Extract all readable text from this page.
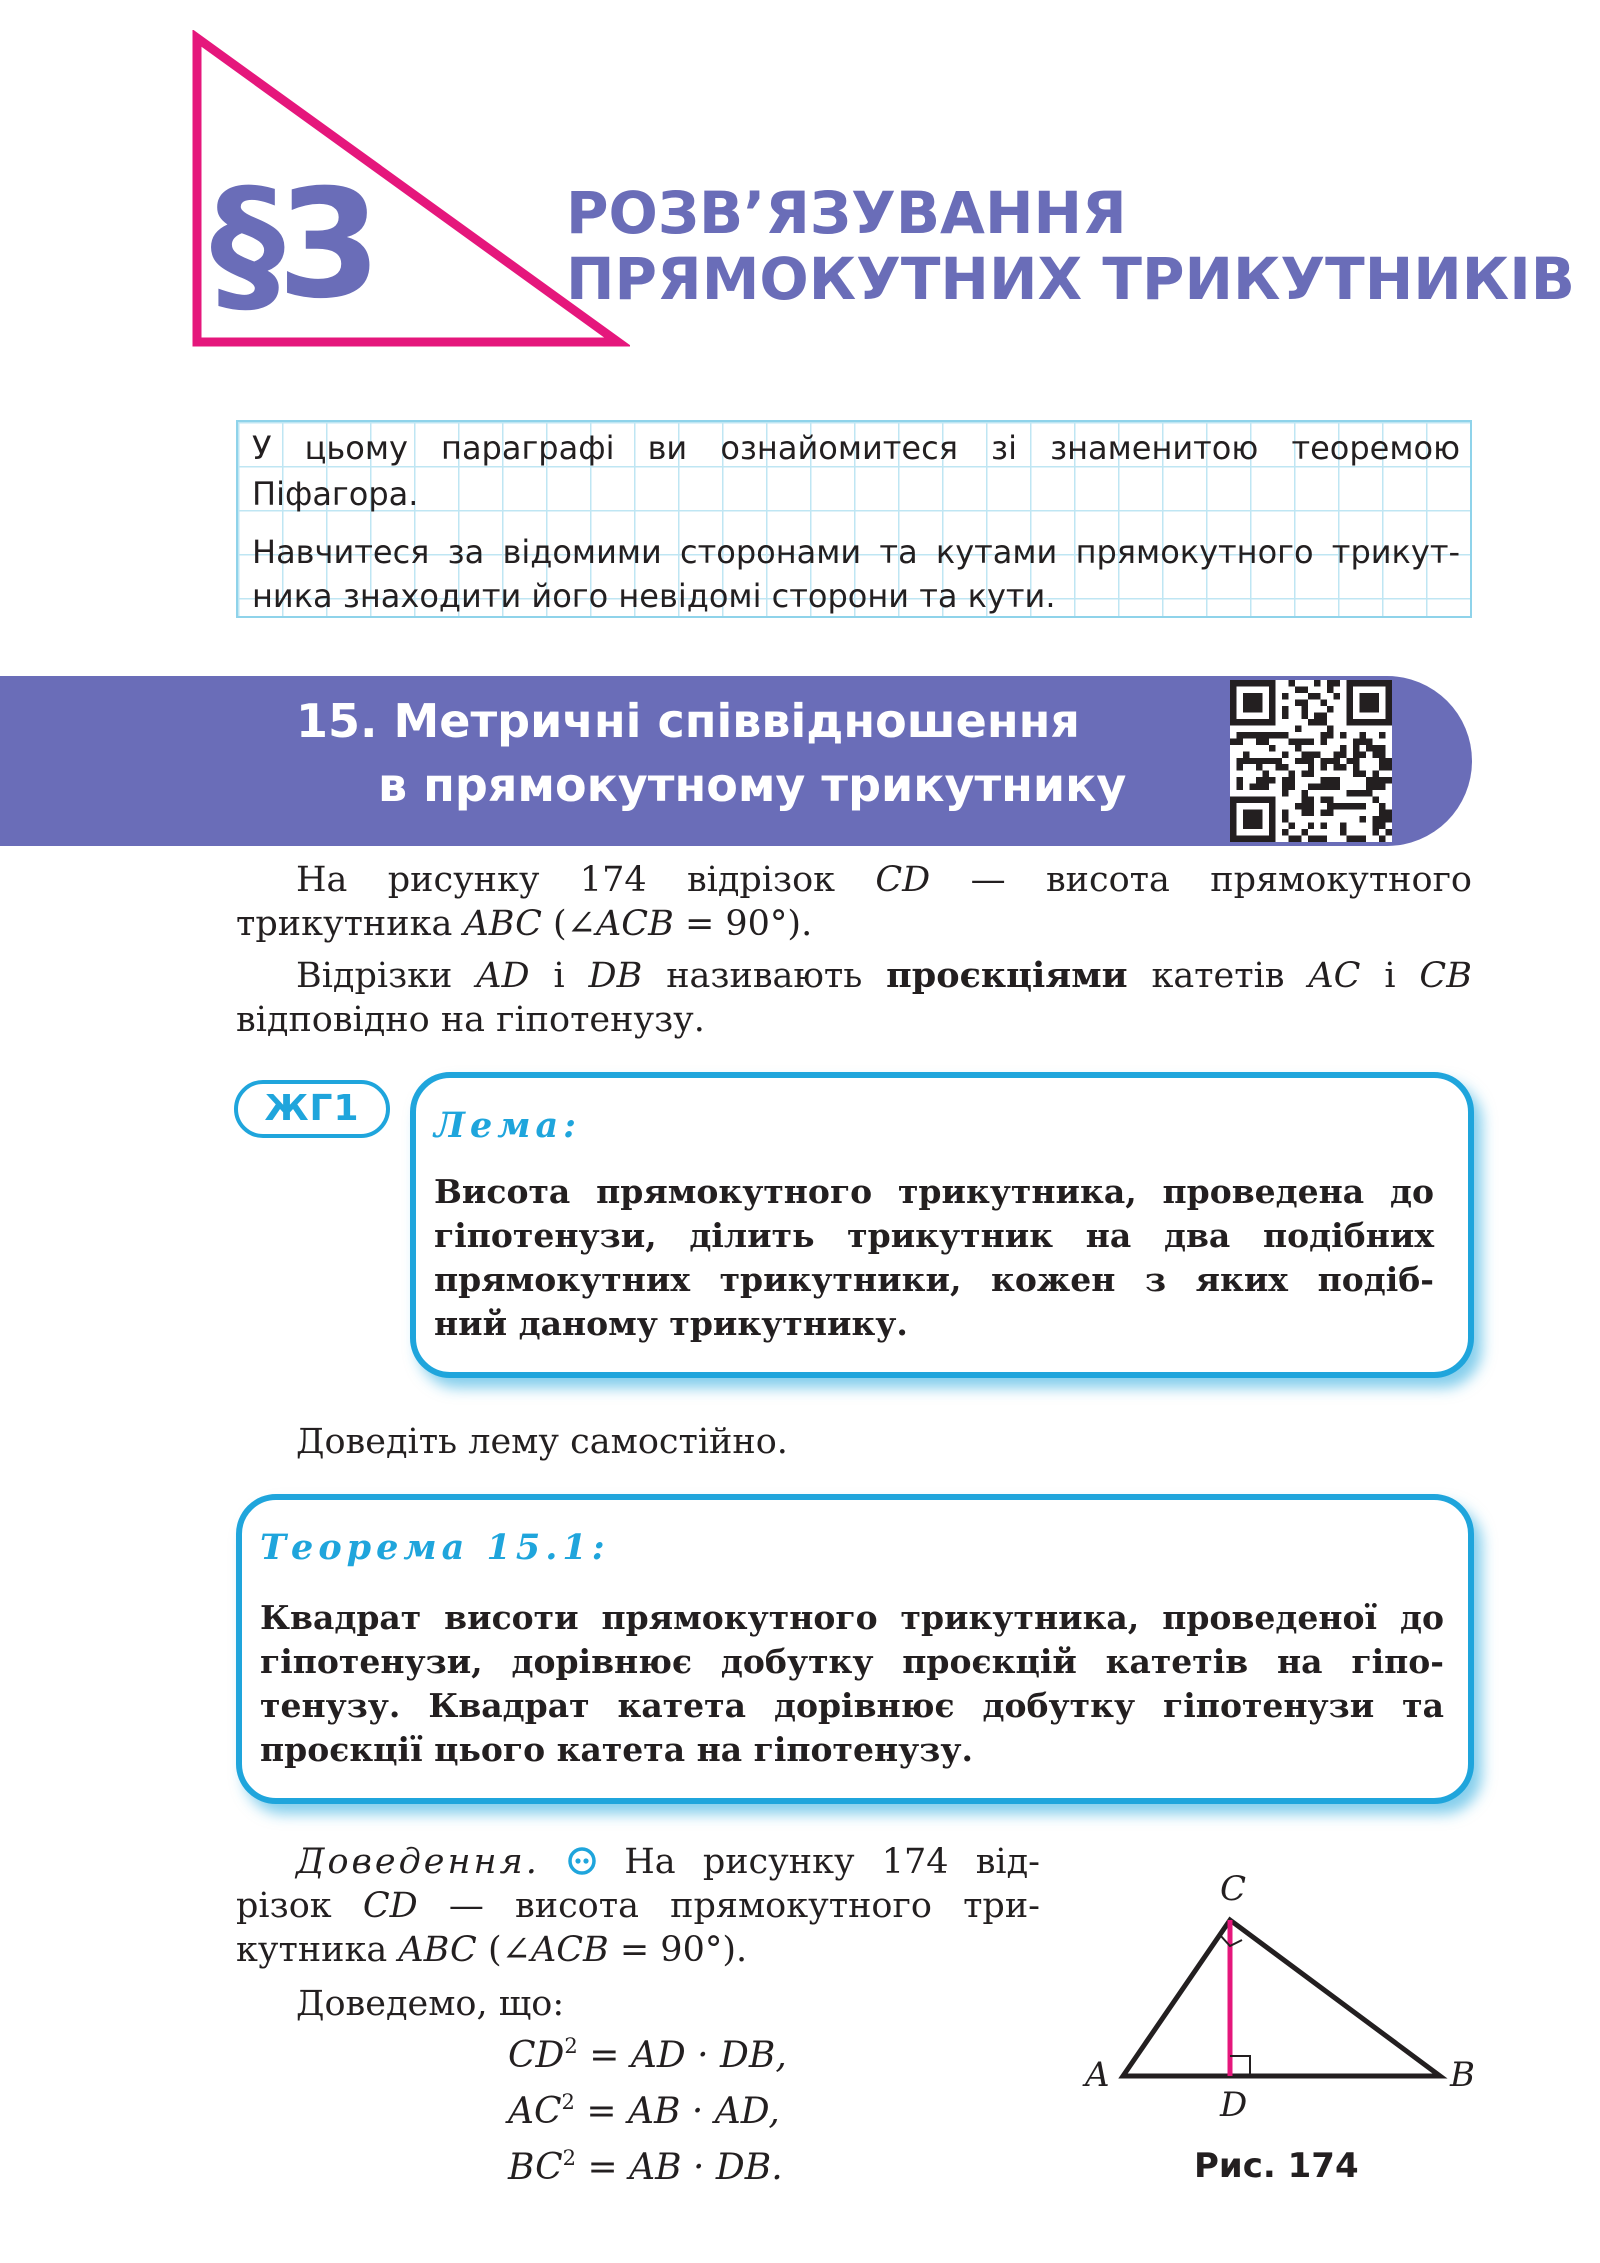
§3	РОЗВ’ЯЗУВАННЯ
ПРЯМОКУТНИХ ТРИКУТНИКІВ
У цьому параграфі ви ознайомитеся зі знаменитою теоремою
Піфагора.
Навчитеся за відомими сторонами та кутами прямокутного трикут-
ника знаходити його невідомі сторони та кути.
15. Метричні співвідношення
в прямокутному трикутнику
На рисунку 174 відрізок CD — висота прямокутного
трикутника ABC (∠ACB = 90°).
Відрізки AD і DB називають проєкціями катетів AC і CB
відповідно на гіпотенузу.
ЖГ1	Лема:
Висота прямокутного трикутника, проведена до
гіпотенузи, ділить трикутник на два подібних
прямокутних трикутники, кожен з яких подіб-
ний даному трикутнику.
Доведіть лему самостійно.
Теорема 15.1:
Квадрат висоти прямокутного трикутника, проведеної до
гіпотенузи, дорівнює добутку проєкцій катетів на гіпо-
тенузу. Квадрат катета дорівнює добутку гіпотенузи та
проєкції цього катета на гіпотенузу.
Доведення. На рисунку 174 від-
різок CD — висота прямокутного три-
кутника ABC (∠ACB = 90°).
Доведемо, що:
$CD^2$ = AD · DB,
$AC^2$ = AB · AD,
$BC^2$ = AB · DB.
C
A	B
D
Рис. 174
